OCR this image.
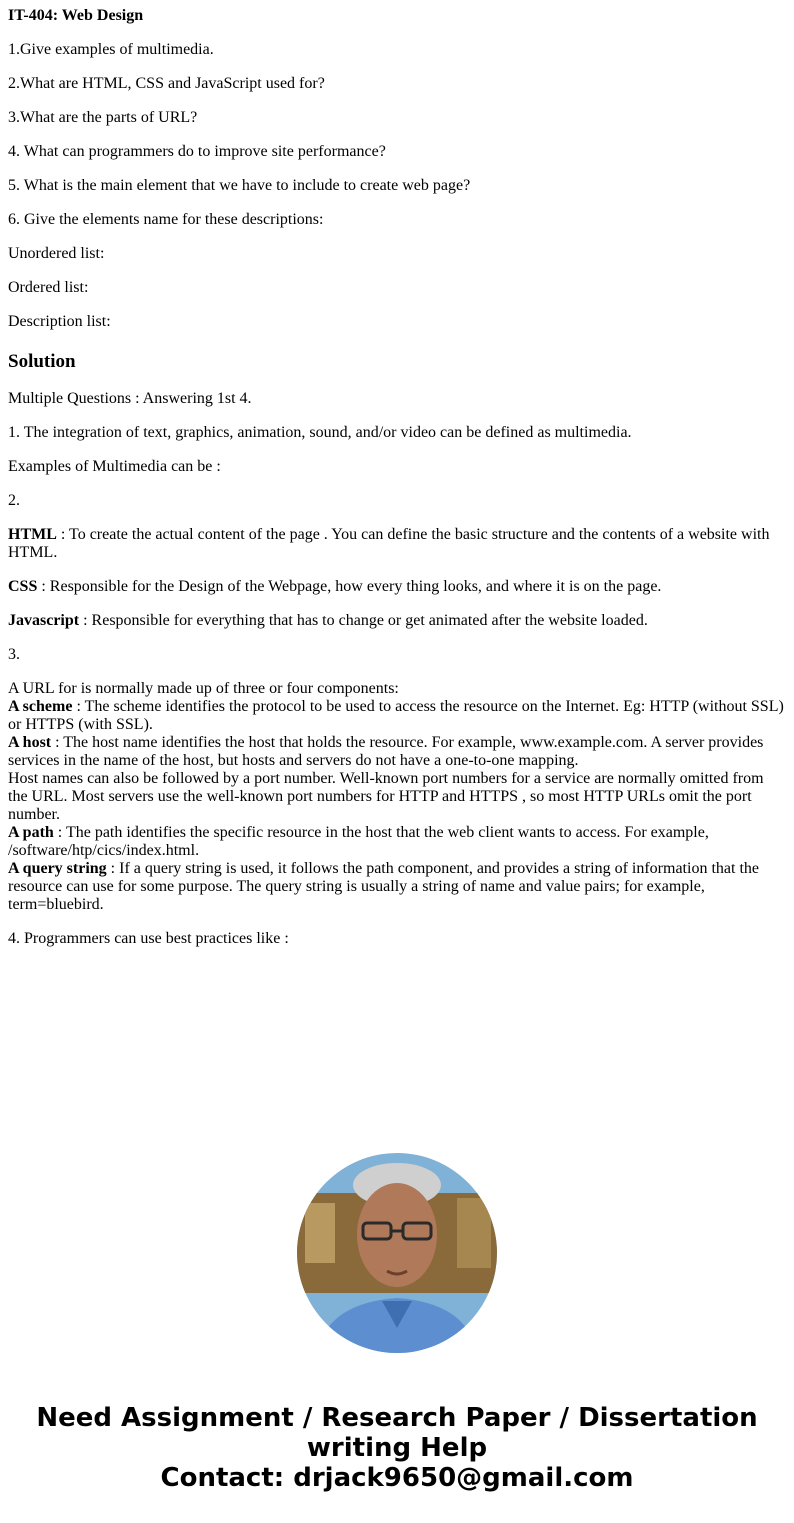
IT-404: Web Design

1.Give examples of multimedia.

2.What are HTML, CSS and JavaScript used for?

3.What are the parts of URL?

4. What can programmers do to improve site performance?

5. What is the main element that we have to include to create web page?

6. Give the elements name for these descriptions:

Unordered list:

Ordered list:

Description list:

Solution

Multiple Questions : Answering 1st 4.

1. The integration of text, graphics, animation, sound, and/or video can be defined as multimedia.

Examples of Multimedia can be :

2.

HTML : To create the actual content of the page . You can define the basic structure and the contents of a website with HTML.

CSS : Responsible for the Design of the Webpage, how every thing looks, and where it is on the page.

Javascript : Responsible for everything that has to change or get animated after the website loaded.

3.

A URL for is normally made up of three or four components:
A scheme : The scheme identifies the protocol to be used to access the resource on the Internet. Eg: HTTP (without SSL) or HTTPS (with SSL).
A host : The host name identifies the host that holds the resource. For example, www.example.com. A server provides services in the name of the host, but hosts and servers do not have a one-to-one mapping.
Host names can also be followed by a port number. Well-known port numbers for a service are normally omitted from the URL. Most servers use the well-known port numbers for HTTP and HTTPS , so most HTTP URLs omit the port number.
A path : The path identifies the specific resource in the host that the web client wants to access. For example, /software/htp/cics/index.html.
A query string : If a query string is used, it follows the path component, and provides a string of information that the resource can use for some purpose. The query string is usually a string of name and value pairs; for example, term=bluebird.

4. Programmers can use best practices like :

Need Assignment / Research Paper / Dissertation
writing Help
Contact: drjack9650@gmail.com
